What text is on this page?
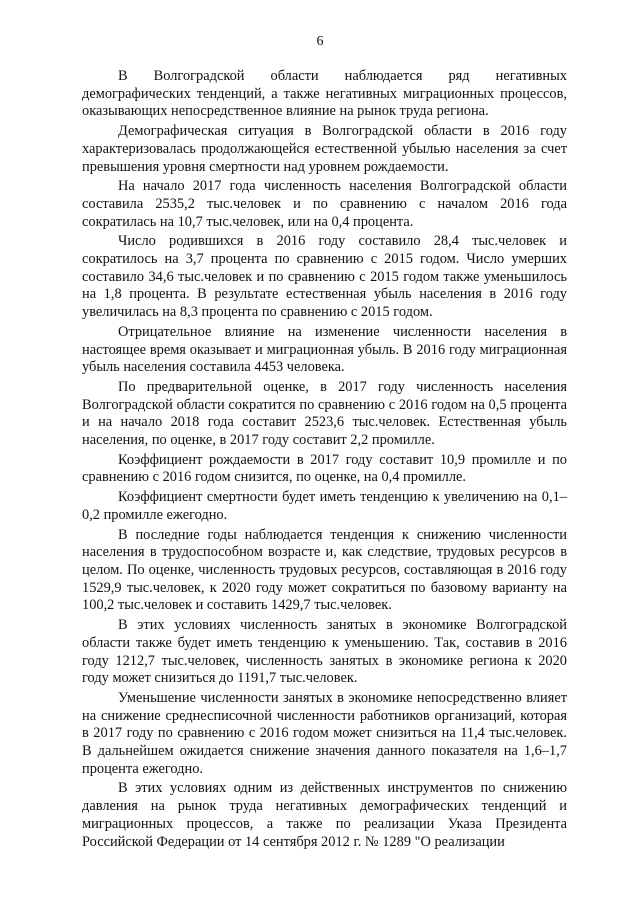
6

В Волгоградской области наблюдается ряд негативных демографических тенденций, а также негативных миграционных процессов, оказывающих непосредственное влияние на рынок труда региона.

Демографическая ситуация в Волгоградской области в 2016 году характеризовалась продолжающейся естественной убылью населения за счет превышения уровня смертности над уровнем рождаемости.

На начало 2017 года численность населения Волгоградской области составила 2535,2 тыс.человек и по сравнению с началом 2016 года сократилась на 10,7 тыс.человек, или на 0,4 процента.

Число родившихся в 2016 году составило 28,4 тыс.человек и сократилось на 3,7 процента по сравнению с 2015 годом. Число умерших составило 34,6 тыс.человек и по сравнению с 2015 годом также уменьшилось на 1,8 процента. В результате естественная убыль населения в 2016 году увеличилась на 8,3 процента по сравнению с 2015 годом.

Отрицательное влияние на изменение численности населения в настоящее время оказывает и миграционная убыль. В 2016 году миграционная убыль населения составила 4453 человека.

По предварительной оценке, в 2017 году численность населения Волгоградской области сократится по сравнению с 2016 годом на 0,5 процента и на начало 2018 года составит 2523,6 тыс.человек. Естественная убыль населения, по оценке, в 2017 году составит 2,2 промилле.

Коэффициент рождаемости в 2017 году составит 10,9 промилле и по сравнению с 2016 годом снизится, по оценке, на 0,4 промилле.

Коэффициент смертности будет иметь тенденцию к увеличению на 0,1–0,2 промилле ежегодно.

В последние годы наблюдается тенденция к снижению численности населения в трудоспособном возрасте и, как следствие, трудовых ресурсов в целом. По оценке, численность трудовых ресурсов, составляющая в 2016 году 1529,9 тыс.человек, к 2020 году может сократиться по базовому варианту на 100,2 тыс.человек и составить 1429,7 тыс.человек.

В этих условиях численность занятых в экономике Волгоградской области также будет иметь тенденцию к уменьшению. Так, составив в 2016 году 1212,7 тыс.человек, численность занятых в экономике региона к 2020 году может снизиться до 1191,7 тыс.человек.

Уменьшение численности занятых в экономике непосредственно влияет на снижение среднесписочной численности работников организаций, которая в 2017 году по сравнению с 2016 годом может снизиться на 11,4 тыс.человек. В дальнейшем ожидается снижение значения данного показателя на 1,6–1,7 процента ежегодно.

В этих условиях одним из действенных инструментов по снижению давления на рынок труда негативных демографических тенденций и миграционных процессов, а также по реализации Указа Президента Российской Федерации от 14 сентября 2012 г. № 1289 "О реализации
